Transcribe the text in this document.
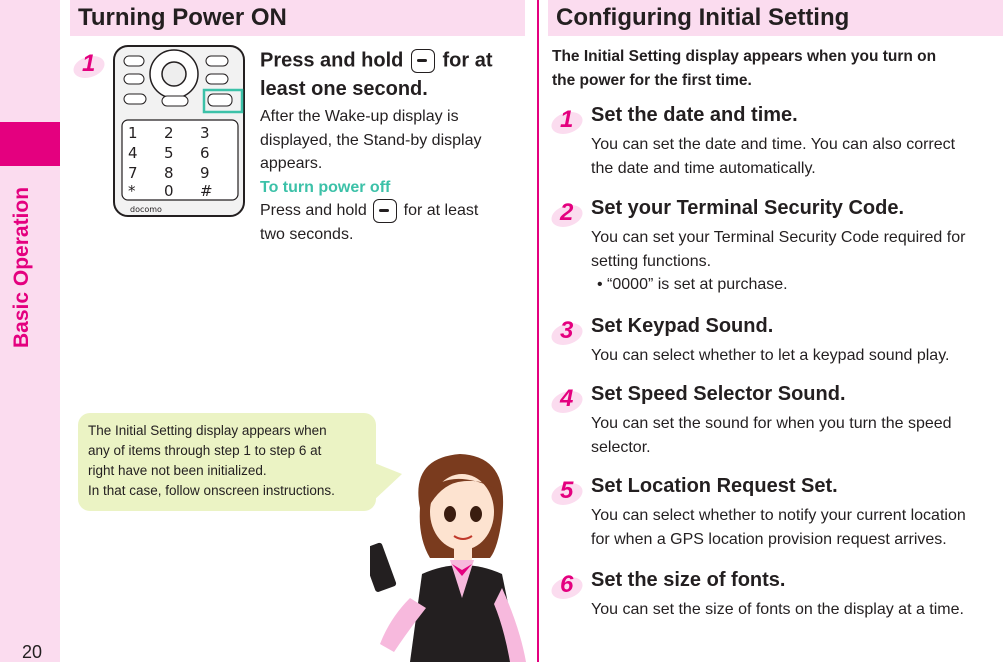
Basic Operation
20
Turning Power ON
1 2 3
4 5 6
7 8 9
* 0 #
docomo
1	Press and hold for at
least one second.
After the Wake-up display is
displayed, the Stand-by display
appears.
To turn power off
Press and hold for at least
two seconds.
The Initial Setting display appears when
any of items through step 1 to step 6 at
right have not been initialized.
In that case, follow onscreen instructions.
Configuring Initial Setting
The Initial Setting display appears when you turn on
the power for the first time.
1 Set the date and time.
You can set the date and time. You can also correct
the date and time automatically.
2 Set your Terminal Security Code.
You can set your Terminal Security Code required for
setting functions.
• “0000” is set at purchase.
3 Set Keypad Sound.
You can select whether to let a keypad sound play.
4 Set Speed Selector Sound.
You can set the sound for when you turn the speed
selector.
5 Set Location Request Set.
You can select whether to notify your current location
for when a GPS location provision request arrives.
6 Set the size of fonts.
You can set the size of fonts on the display at a time.
